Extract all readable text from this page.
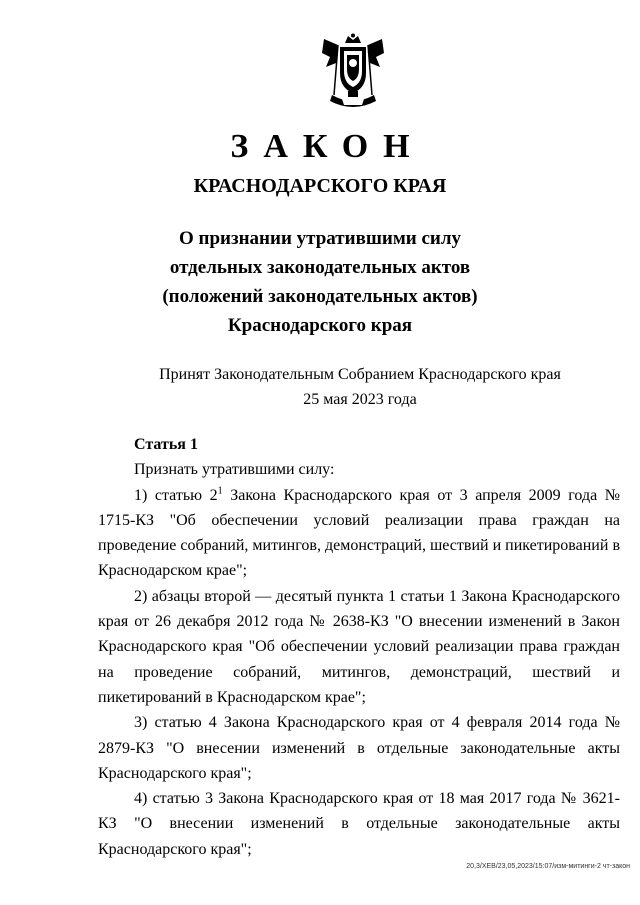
ЗАКОН
КРАСНОДАРСКОГО КРАЯ
О признании утратившими силу
отдельных законодательных актов
(положений законодательных актов)
Краснодарского края
Принят Законодательным Собранием Краснодарского края
25 мая 2023 года

Статья 1

Признать утратившими силу:

1) статью $2^1$ Закона Краснодарского края от 3 апреля 2009 года № 1715-КЗ "Об обеспечении условий реализации права граждан на проведение собраний, митингов, демонстраций, шествий и пикетирований в Краснодарском крае";

2) абзацы второй — десятый пункта 1 статьи 1 Закона Краснодарского края от 26 декабря 2012 года № 2638-КЗ "О внесении изменений в Закон Краснодарского края "Об обеспечении условий реализации права граждан на проведение собраний, митингов, демонстраций, шествий и пикетирований в Краснодарском крае";

3) статью 4 Закона Краснодарского края от 4 февраля 2014 года № 2879-КЗ "О внесении изменений в отдельные законодательные акты Краснодарского края";

4) статью 3 Закона Краснодарского края от 18 мая 2017 года № 3621-КЗ "О внесении изменений в отдельные законодательные акты Краснодарского края";

20,3/XEB/23,05,2023/15:07/изм-митинги-2 чт-закон
